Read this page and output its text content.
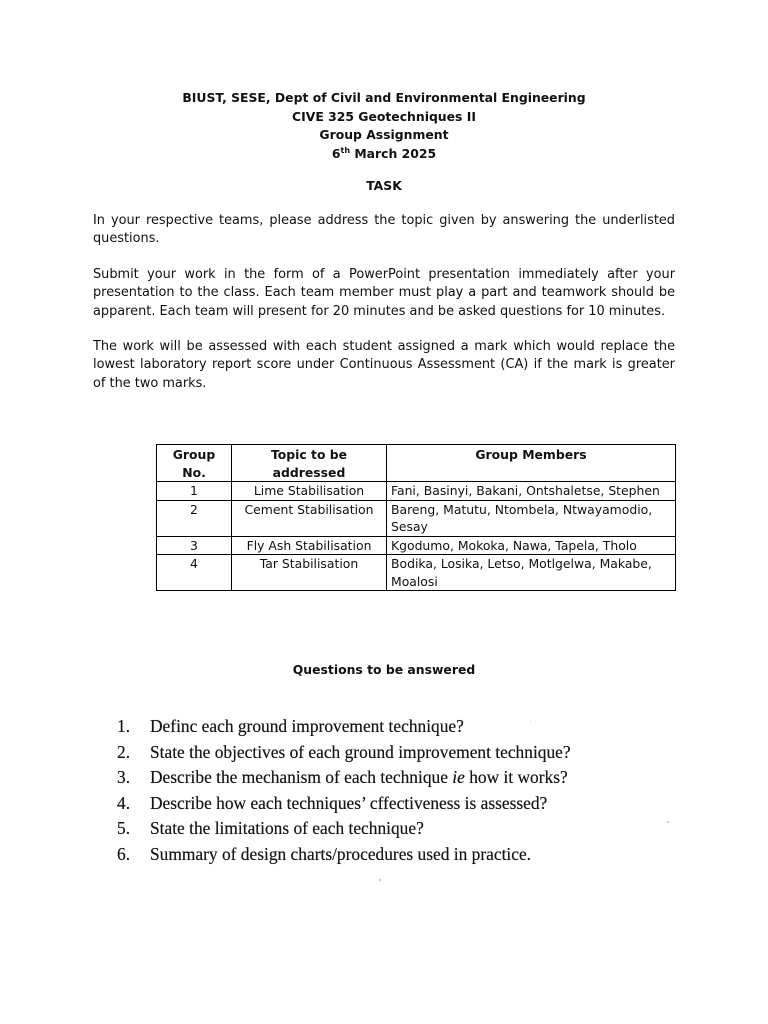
BIUST, SESE, Dept of Civil and Environmental Engineering
CIVE 325 Geotechniques II
Group Assignment
6th March 2025
TASK
In your respective teams, please address the topic given by answering the underlisted questions.
Submit your work in the form of a PowerPoint presentation immediately after your presentation to the class. Each team member must play a part and teamwork should be apparent. Each team will present for 20 minutes and be asked questions for 10 minutes.
The work will be assessed with each student assigned a mark which would replace the lowest laboratory report score under Continuous Assessment (CA) if the mark is greater of the two marks.
Group No.	Topic to be addressed	Group Members
1	Lime Stabilisation	Fani, Basinyi, Bakani, Ontshaletse, Stephen
2	Cement Stabilisation	Bareng, Matutu, Ntombela, Ntwayamodio, Sesay
3	Fly Ash Stabilisation	Kgodumo, Mokoka, Nawa, Tapela, Tholo
4	Tar Stabilisation	Bodika, Losika, Letso, Motlgelwa, Makabe, Moalosi
Questions to be answered
1. Definc each ground improvement technique?
2. State the objectives of each ground improvement technique?
3. Describe the mechanism of each technique ie how it works?
4. Describe how each techniques’ cffectiveness is assessed?
5. State the limitations of each technique?
6. Summary of design charts/procedures used in practice.
